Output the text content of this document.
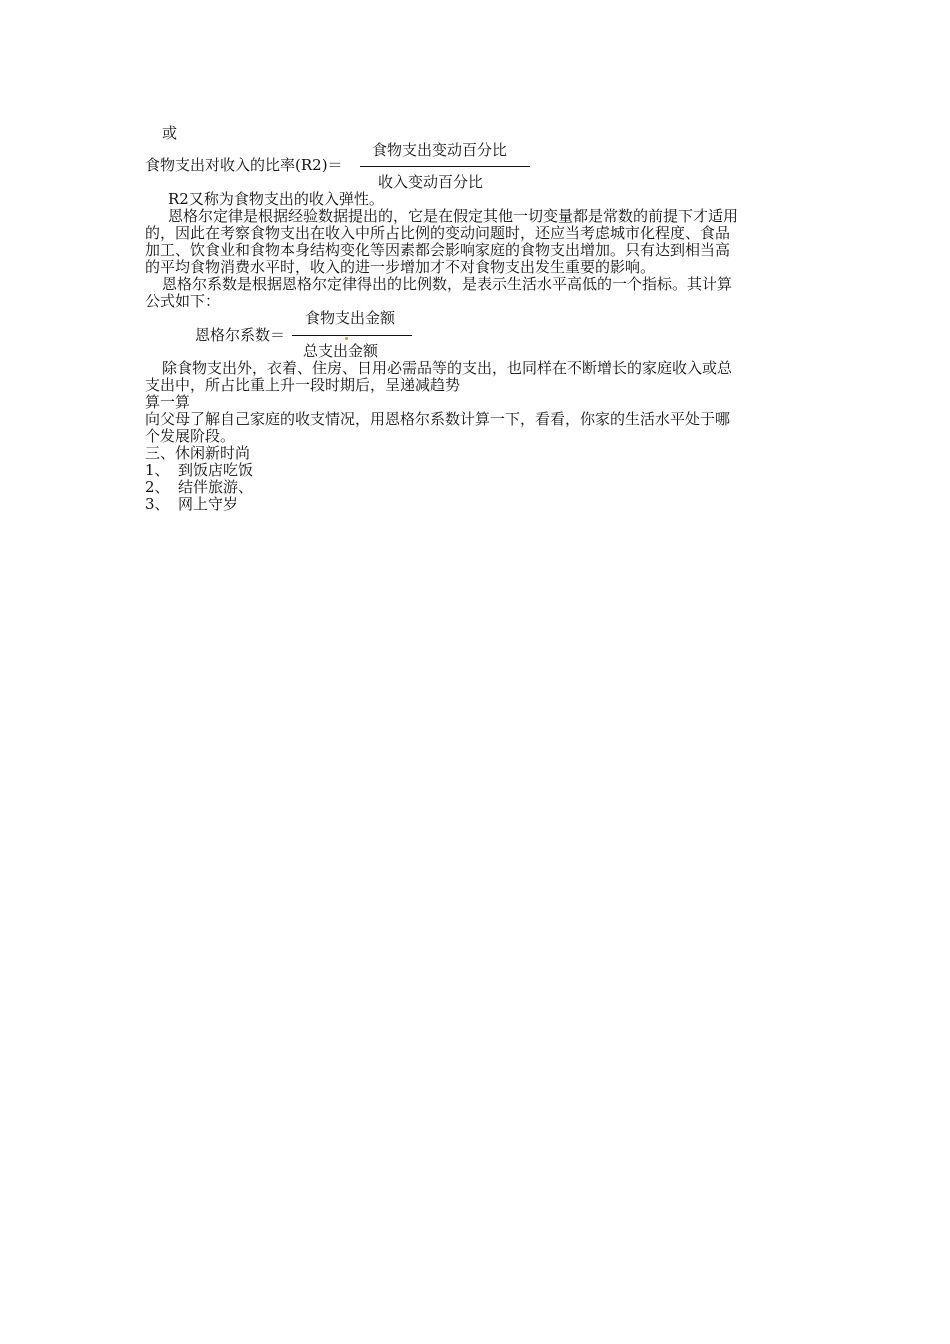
或
食物支出变动百分比
食物支出对收入的比率(R2)＝
收入变动百分比
R2又称为食物支出的收入弹性。
恩格尔定律是根据经验数据提出的，它是在假定其他一切变量都是常数的前提下才适用
的，因此在考察食物支出在收入中所占比例的变动问题时，还应当考虑城市化程度、食品
加工、饮食业和食物本身结构变化等因素都会影响家庭的食物支出增加。只有达到相当高
的平均食物消费水平时，收入的进一步增加才不对食物支出发生重要的影响。
恩格尔系数是根据恩格尔定律得出的比例数，是表示生活水平高低的一个指标。其计算
公式如下：
食物支出金额
恩格尔系数＝
总支出金额
除食物支出外，衣着、住房、日用必需品等的支出，也同样在不断增长的家庭收入或总
支出中，所占比重上升一段时期后，呈递减趋势
算一算
向父母了解自己家庭的收支情况，用恩格尔系数计算一下，看看，你家的生活水平处于哪
个发展阶段。
三、休闲新时尚
1、 到饭店吃饭
2、 结伴旅游、
3、 网上守岁
